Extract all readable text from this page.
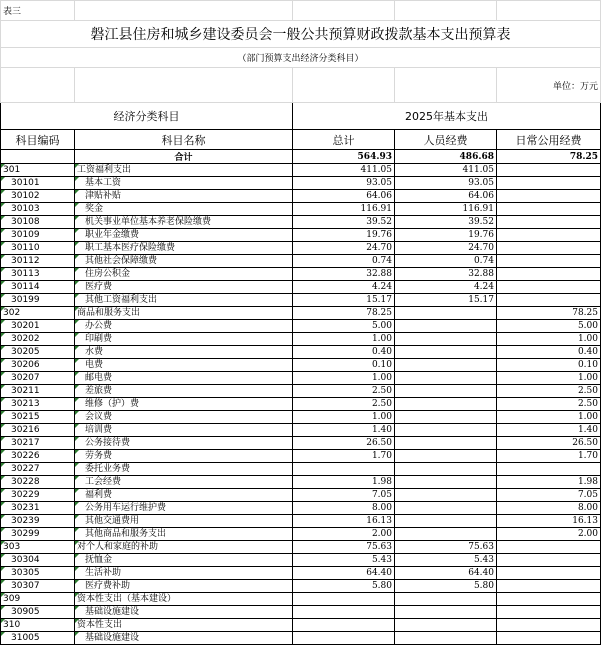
表三				
磐江县住房和城乡建设委员会一般公共预算财政拨款基本支出预算表				
（部门预算支出经济分类科目）				
				单位：万元
经济分类科目		2025年基本支出		
科目编码	科目名称	总计	人员经费	日常公用经费
	合计	564.93	486.68	78.25

301	工资福利支出	411.05	411.05	

30101	基本工资	93.05	93.05	

30102	津贴补贴	64.06	64.06	

30103	奖金	116.91	116.91	

30108	机关事业单位基本养老保险缴费	39.52	39.52	

30109	职业年金缴费	19.76	19.76	

30110	职工基本医疗保险缴费	24.70	24.70	

30112	其他社会保障缴费	0.74	0.74	

30113	住房公积金	32.88	32.88	

30114	医疗费	4.24	4.24	

30199	其他工资福利支出	15.17	15.17	

302	商品和服务支出	78.25		78.25

30201	办公费	5.00		5.00

30202	印刷费	1.00		1.00

30205	水费	0.40		0.40

30206	电费	0.10		0.10

30207	邮电费	1.00		1.00

30211	差旅费	2.50		2.50

30213	维修（护）费	2.50		2.50

30215	会议费	1.00		1.00

30216	培训费	1.40		1.40

30217	公务接待费	26.50		26.50

30226	劳务费	1.70		1.70

30227	委托业务费			

30228	工会经费	1.98		1.98

30229	福利费	7.05		7.05

30231	公务用车运行维护费	8.00		8.00

30239	其他交通费用	16.13		16.13

30299	其他商品和服务支出	2.00		2.00

303	对个人和家庭的补助	75.63	75.63	

30304	抚恤金	5.43	5.43	

30305	生活补助	64.40	64.40	

30307	医疗费补助	5.80	5.80	

309	资本性支出（基本建设）			

30905	基础设施建设			

310	资本性支出			

31005	基础设施建设			
